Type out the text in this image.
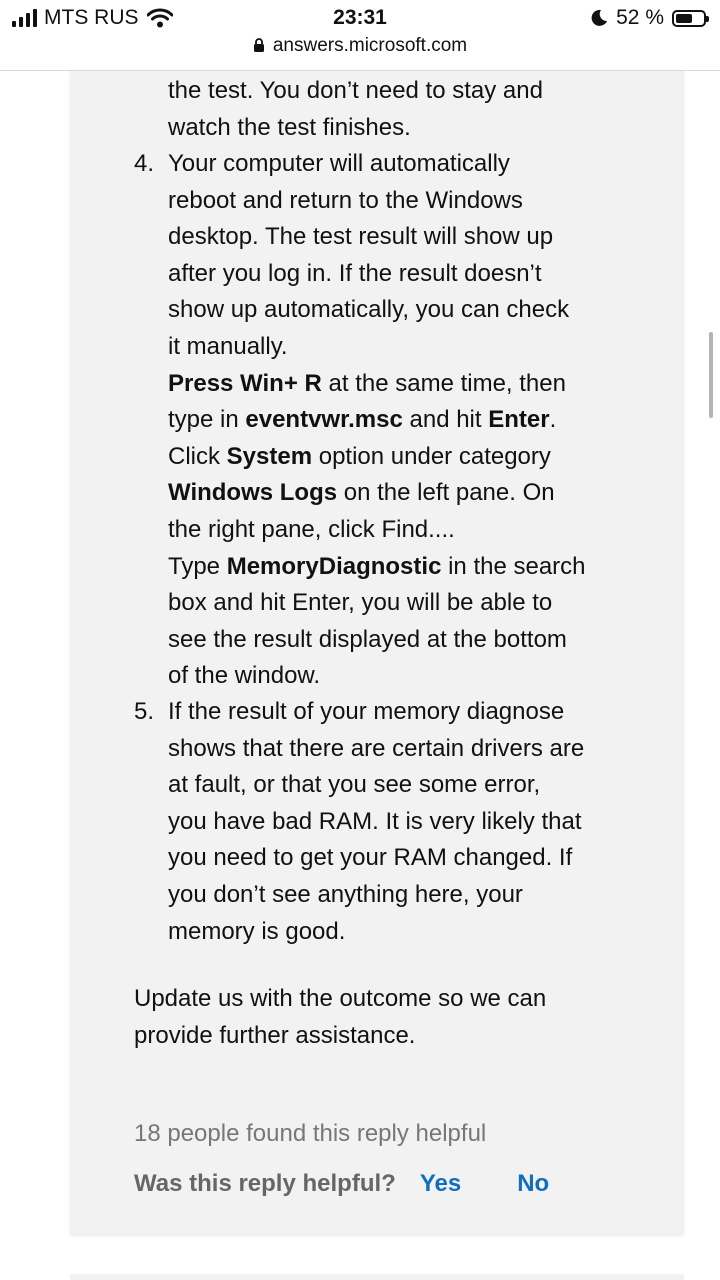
MTS RUS	23:31	52 %
answers.microsoft.com
the test. You don’t need to stay and
watch the test finishes.
4. Your computer will automatically
reboot and return to the Windows
desktop. The test result will show up
after you log in. If the result doesn’t
show up automatically, you can check
it manually.
Press Win+ R at the same time, then
type in eventvwr.msc and hit Enter.
Click System option under category
Windows Logs on the left pane. On
the right pane, click Find....
Type MemoryDiagnostic in the search
box and hit Enter, you will be able to
see the result displayed at the bottom
of the window.
5. If the result of your memory diagnose
shows that there are certain drivers are
at fault, or that you see some error,
you have bad RAM. It is very likely that
you need to get your RAM changed. If
you don’t see anything here, your
memory is good.
Update us with the outcome so we can
provide further assistance.
18 people found this reply helpful
Was this reply helpful? Yes No
